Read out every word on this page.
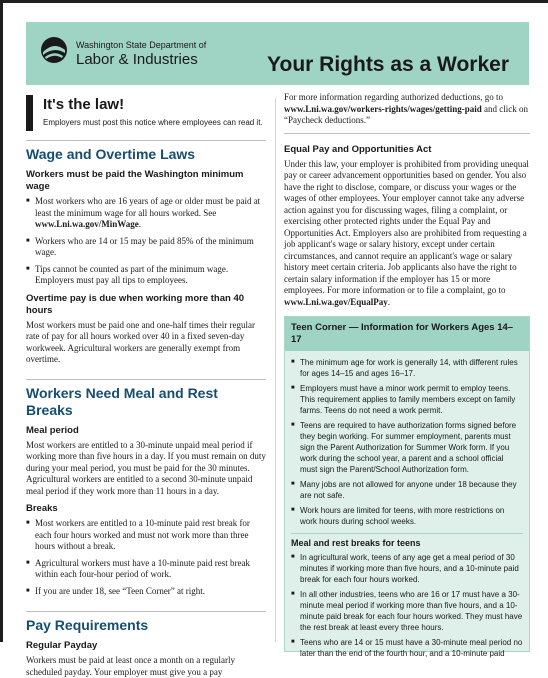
Washington State Department of
Labor & Industries	Your Rights as a Worker
It's the law!

Employers must post this notice where employees can read it.

Wage and Overtime Laws
Workers must be paid the Washington minimum wage
■ Most workers who are 16 years of age or older must be paid at least the minimum wage for all hours worked. See www.Lni.wa.gov/MinWage.
■ Workers who are 14 or 15 may be paid 85% of the minimum wage.
■ Tips cannot be counted as part of the minimum wage. Employers must pay all tips to employees.
Overtime pay is due when working more than 40 hours

Most workers must be paid one and one-half times their regular rate of pay for all hours worked over 40 in a fixed seven-day workweek. Agricultural workers are generally exempt from overtime.

Workers Need Meal and Rest Breaks
Meal period

Most workers are entitled to a 30-minute unpaid meal period if working more than five hours in a day. If you must remain on duty during your meal period, you must be paid for the 30 minutes. Agricultural workers are entitled to a second 30-minute unpaid meal period if they work more than 11 hours in a day.

Breaks
■ Most workers are entitled to a 10-minute paid rest break for each four hours worked and must not work more than three hours without a break.
■ Agricultural workers must have a 10-minute paid rest break within each four-hour period of work.
■ If you are under 18, see “Teen Corner” at right.
Pay Requirements
Regular Payday

Workers must be paid at least once a month on a regularly scheduled payday. Your employer must give you a pay

For more information regarding authorized deductions, go to www.Lni.wa.gov/workers-rights/wages/getting-paid and click on “Paycheck deductions.”

Equal Pay and Opportunities Act

Under this law, your employer is prohibited from providing unequal pay or career advancement opportunities based on gender. You also have the right to disclose, compare, or discuss your wages or the wages of other employees. Your employer cannot take any adverse action against you for discussing wages, filing a complaint, or exercising other protected rights under the Equal Pay and Opportunities Act. Employers also are prohibited from requesting a job applicant's wage or salary history, except under certain circumstances, and cannot require an applicant's wage or salary history meet certain criteria. Job applicants also have the right to certain salary information if the employer has 15 or more employees. For more information or to file a complaint, go to www.Lni.wa.gov/EqualPay.

Teen Corner — Information for Workers Ages 14–17
■ The minimum age for work is generally 14, with different rules for ages 14–15 and ages 16–17.
■ Employers must have a minor work permit to employ teens. This requirement applies to family members except on family farms. Teens do not need a work permit.
■ Teens are required to have authorization forms signed before they begin working. For summer employment, parents must sign the Parent Authorization for Summer Work form. If you work during the school year, a parent and a school official must sign the Parent/School Authorization form.
■ Many jobs are not allowed for anyone under 18 because they are not safe.
■ Work hours are limited for teens, with more restrictions on work hours during school weeks.
Meal and rest breaks for teens
■ In agricultural work, teens of any age get a meal period of 30 minutes if working more than five hours, and a 10-minute paid break for each four hours worked.
■ In all other industries, teens who are 16 or 17 must have a 30-minute meal period if working more than five hours, and a 10-minute paid break for each four hours worked. They must have the rest break at least every three hours.
■ Teens who are 14 or 15 must have a 30-minute meal period no later than the end of the fourth hour, and a 10-minute paid
